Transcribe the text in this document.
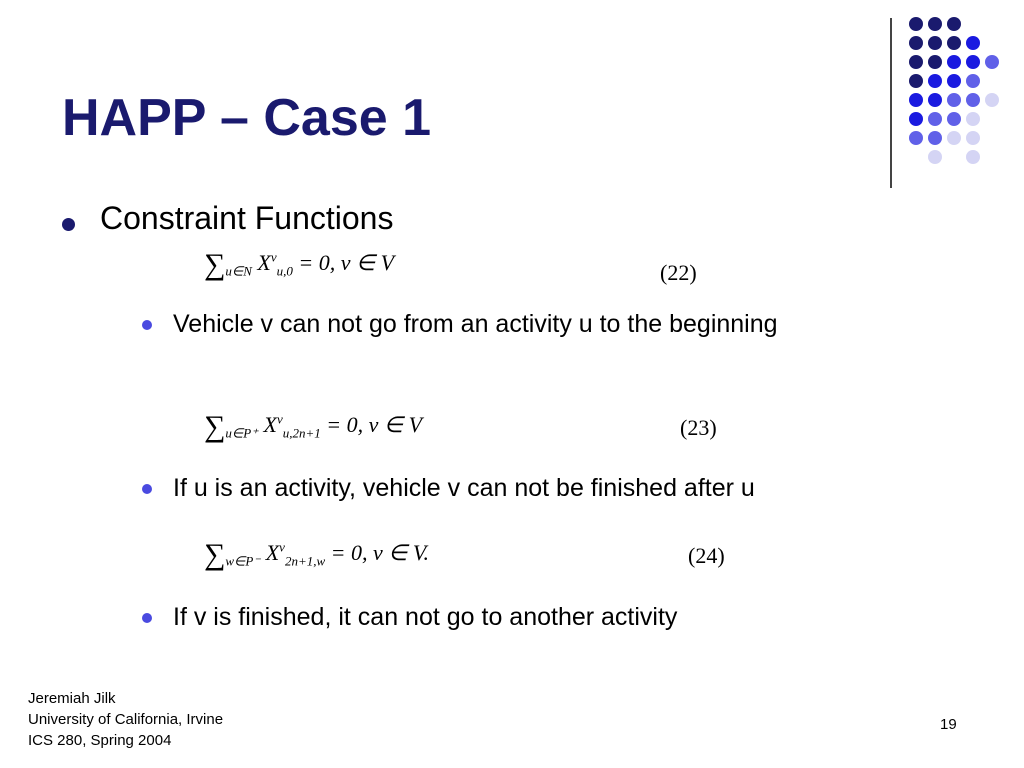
HAPP – Case 1
Constraint Functions
$\sum_{u\in N}$ $X^v_{u,0} = 0$, v ∈ V	(22)
Vehicle v can not go from an activity u to the beginning
$\sum_{u\in P^+}$ $X^v_{u,2n+1} = 0$, v ∈ V	(23)
If u is an activity, vehicle v can not be finished after u
$\sum_{w\in P^-}$ $X^v_{2n+1,w} = 0$, v ∈ V.	(24)
If v is finished, it can not go to another activity
Jeremiah Jilk
University of California, Irvine
ICS 280, Spring 2004
19
